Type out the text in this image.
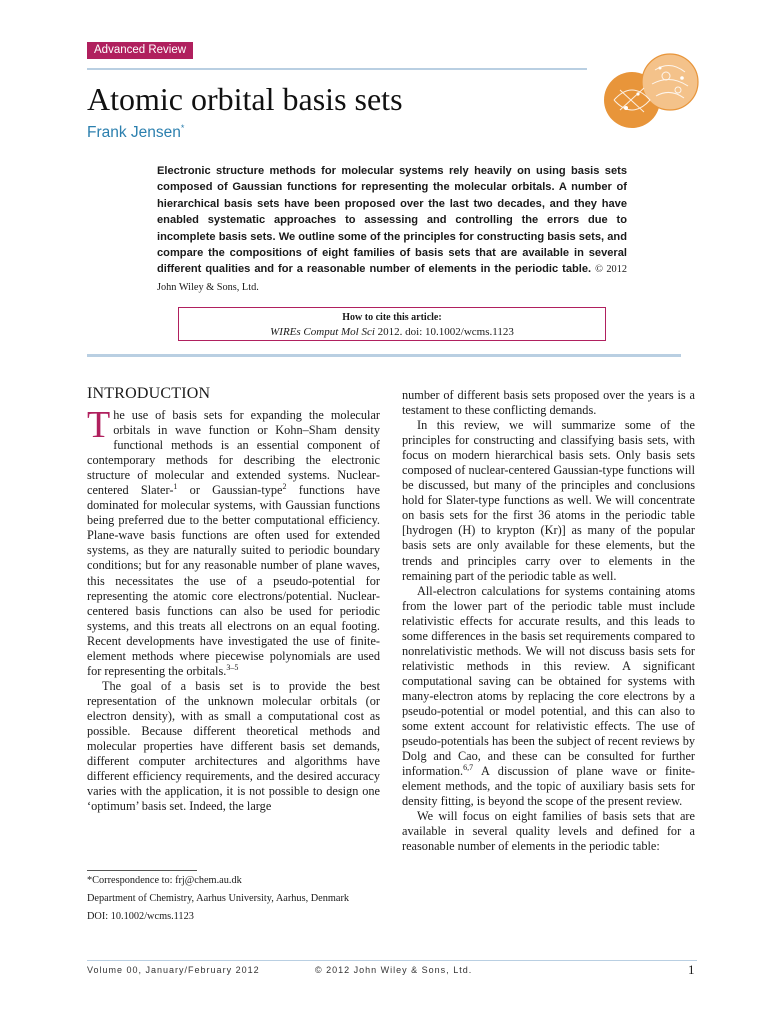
Advanced Review
Atomic orbital basis sets
Frank Jensen*

Electronic structure methods for molecular systems rely heavily on using basis sets composed of Gaussian functions for representing the molecular orbitals. A number of hierarchical basis sets have been proposed over the last two decades, and they have enabled systematic approaches to assessing and controlling the errors due to incomplete basis sets. We outline some of the principles for constructing basis sets, and compare the compositions of eight families of basis sets that are available in several different qualities and for a reasonable number of elements in the periodic table. © 2012 John Wiley & Sons, Ltd.

How to cite this article:
WIREs Comput Mol Sci 2012. doi: 10.1002/wcms.1123
INTRODUCTION

The use of basis sets for expanding the molecular orbitals in wave function or Kohn–Sham density functional methods is an essential component of contemporary methods for describing the electronic structure of molecular and extended systems. Nuclear-centered Slater-$^1$ or Gaussian-type$^2$ functions have dominated for molecular systems, with Gaussian functions being preferred due to the better computational efficiency. Plane-wave basis functions are often used for extended systems, as they are naturally suited to periodic boundary conditions; but for any reasonable number of plane waves, this necessitates the use of a pseudo-potential for representing the atomic core electrons/potential. Nuclear-centered basis functions can also be used for periodic systems, and this treats all electrons on an equal footing. Recent developments have investigated the use of finite-element methods where piecewise polynomials are used for representing the orbitals.$^{3-5}$

The goal of a basis set is to provide the best representation of the unknown molecular orbitals (or electron density), with as small a computational cost as possible. Because different theoretical methods and molecular properties have different basis set demands, different computer architectures and algorithms have different efficiency requirements, and the desired accuracy varies with the application, it is not possible to design one ‘optimum’ basis set. Indeed, the large

number of different basis sets proposed over the years is a testament to these conflicting demands.

In this review, we will summarize some of the principles for constructing and classifying basis sets, with focus on modern hierarchical basis sets. Only basis sets composed of nuclear-centered Gaussian-type functions will be discussed, but many of the principles and conclusions hold for Slater-type functions as well. We will concentrate on basis sets for the first 36 atoms in the periodic table [hydrogen (H) to krypton (Kr)] as many of the popular basis sets are only available for these elements, but the trends and principles carry over to elements in the remaining part of the periodic table as well.

All-electron calculations for systems containing atoms from the lower part of the periodic table must include relativistic effects for accurate results, and this leads to some differences in the basis set requirements compared to nonrelativistic methods. We will not discuss basis sets for relativistic methods in this review. A significant computational saving can be obtained for systems with many-electron atoms by replacing the core electrons by a pseudo-potential or model potential, and this can also to some extent account for relativistic effects. The use of pseudo-potentials has been the subject of recent reviews by Dolg and Cao, and these can be consulted for further information.$^{6,7}$ A discussion of plane wave or finite-element methods, and the topic of auxiliary basis sets for density fitting, is beyond the scope of the present review.

We will focus on eight families of basis sets that are available in several quality levels and defined for a reasonable number of elements in the periodic table:

*Correspondence to: frj@chem.au.dk
Department of Chemistry, Aarhus University, Aarhus, Denmark
DOI: 10.1002/wcms.1123
Volume 00, January/February 2012	© 2012 John Wiley & Sons, Ltd.	1
